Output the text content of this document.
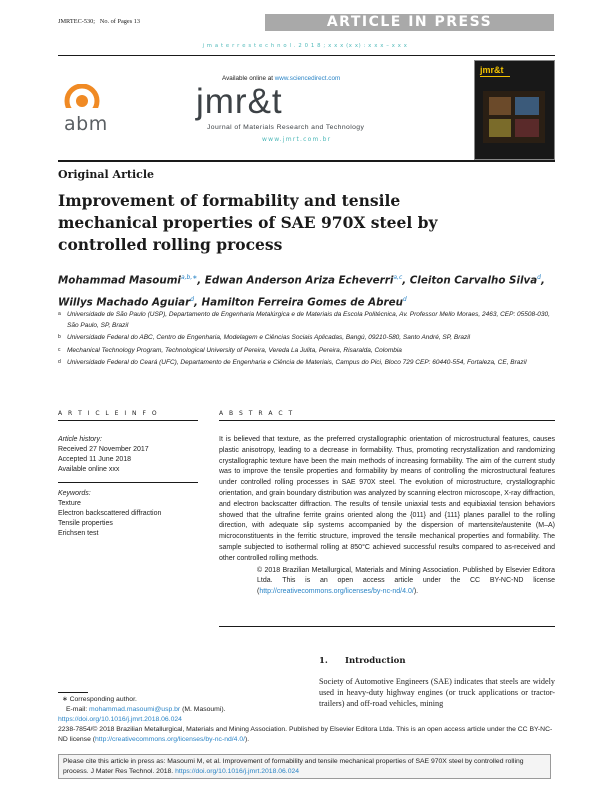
JMRTEC-530; No. of Pages 13	ARTICLE IN PRESS
j m a t e r r e s t e c h n o l . 2 0 1 8 ; x x x (x x) : x x x – x x x
abm
Available online at www.sciencedirect.com
jmr&t
Journal of Materials Research and Technology
www.jmrt.com.br
jmr&t
Original Article
Improvement of formability and tensile mechanical properties of SAE 970X steel by controlled rolling process
Mohammad Masoumi$^{a,b,∗}$, Edwan Anderson Ariza Echeverri$^{a,c}$, Cleiton Carvalho Silva$^d$,
Willys Machado Aguiar$^d$, Hamilton Ferreira Gomes de Abreu$^d$
a Universidade de São Paulo (USP), Departamento de Engenharia Metalúrgica e de Materiais da Escola Politécnica, Av. Professor Mello Moraes, 2463, CEP: 05508-030, São Paulo, SP, Brazil
b Universidade Federal do ABC, Centro de Engenharia, Modelagem e Ciências Sociais Aplicadas, Bangú, 09210-580, Santo André, SP, Brazil
c Mechanical Technology Program, Technological University of Pereira, Vereda La Julita, Pereira, Risaralda, Colombia
d Universidade Federal do Ceará (UFC), Departamento de Engenharia e Ciência de Materiais, Campus do Pici, Bloco 729 CEP: 60440-554, Fortaleza, CE, Brazil
A R T I C L E I N F O	A B S T R A C T
Article history:
Received 27 November 2017
Accepted 11 June 2018
Available online xxx
Keywords:
Texture
Electron backscattered diffraction
Tensile properties
Erichsen test
It is believed that texture, as the preferred crystallographic orientation of microstructural features, causes plastic anisotropy, leading to a decrease in formability. Thus, promoting recrystallization and randomizing crystallographic texture have been the main methods of increasing formability. The aim of the current study was to improve the tensile properties and formability by means of controlling the microstructural features under controlled rolling processes in SAE 970X steel. The evolution of microstructure, crystallographic orientation, and grain boundary distribution was analyzed by scanning electron microscope, X-ray diffraction, and electron backscatter diffraction. The results of tensile uniaxial tests and equibiaxial tension behaviors showed that the ultrafine ferrite grains oriented along the {011} and {111} planes parallel to the rolling direction, with adequate slip systems accompanied by the dispersion of martensite/austenite (M–A) microconstituents in the ferritic structure, improved the tensile mechanical properties and formability. The sample subjected to isothermal rolling at 850°C achieved successful results compared to as-received and other controlled rolling methods.
© 2018 Brazilian Metallurgical, Materials and Mining Association. Published by Elsevier Editora Ltda. This is an open access article under the CC BY-NC-ND license (http://creativecommons.org/licenses/by-nc-nd/4.0/).
1. Introduction
Society of Automotive Engineers (SAE) indicates that steels are widely used in heavy-duty highway engines (or truck applications or tractor-trailers) and off-road vehicles, mining
∗ Corresponding author.
E-mail: mohammad.masoumi@usp.br (M. Masoumi).
https://doi.org/10.1016/j.jmrt.2018.06.024
2238-7854/© 2018 Brazilian Metallurgical, Materials and Mining Association. Published by Elsevier Editora Ltda. This is an open access article under the CC BY-NC-ND license (http://creativecommons.org/licenses/by-nc-nd/4.0/).
Please cite this article in press as: Masoumi M, et al. Improvement of formability and tensile mechanical properties of SAE 970X steel by controlled rolling process. J Mater Res Technol. 2018. https://doi.org/10.1016/j.jmrt.2018.06.024
